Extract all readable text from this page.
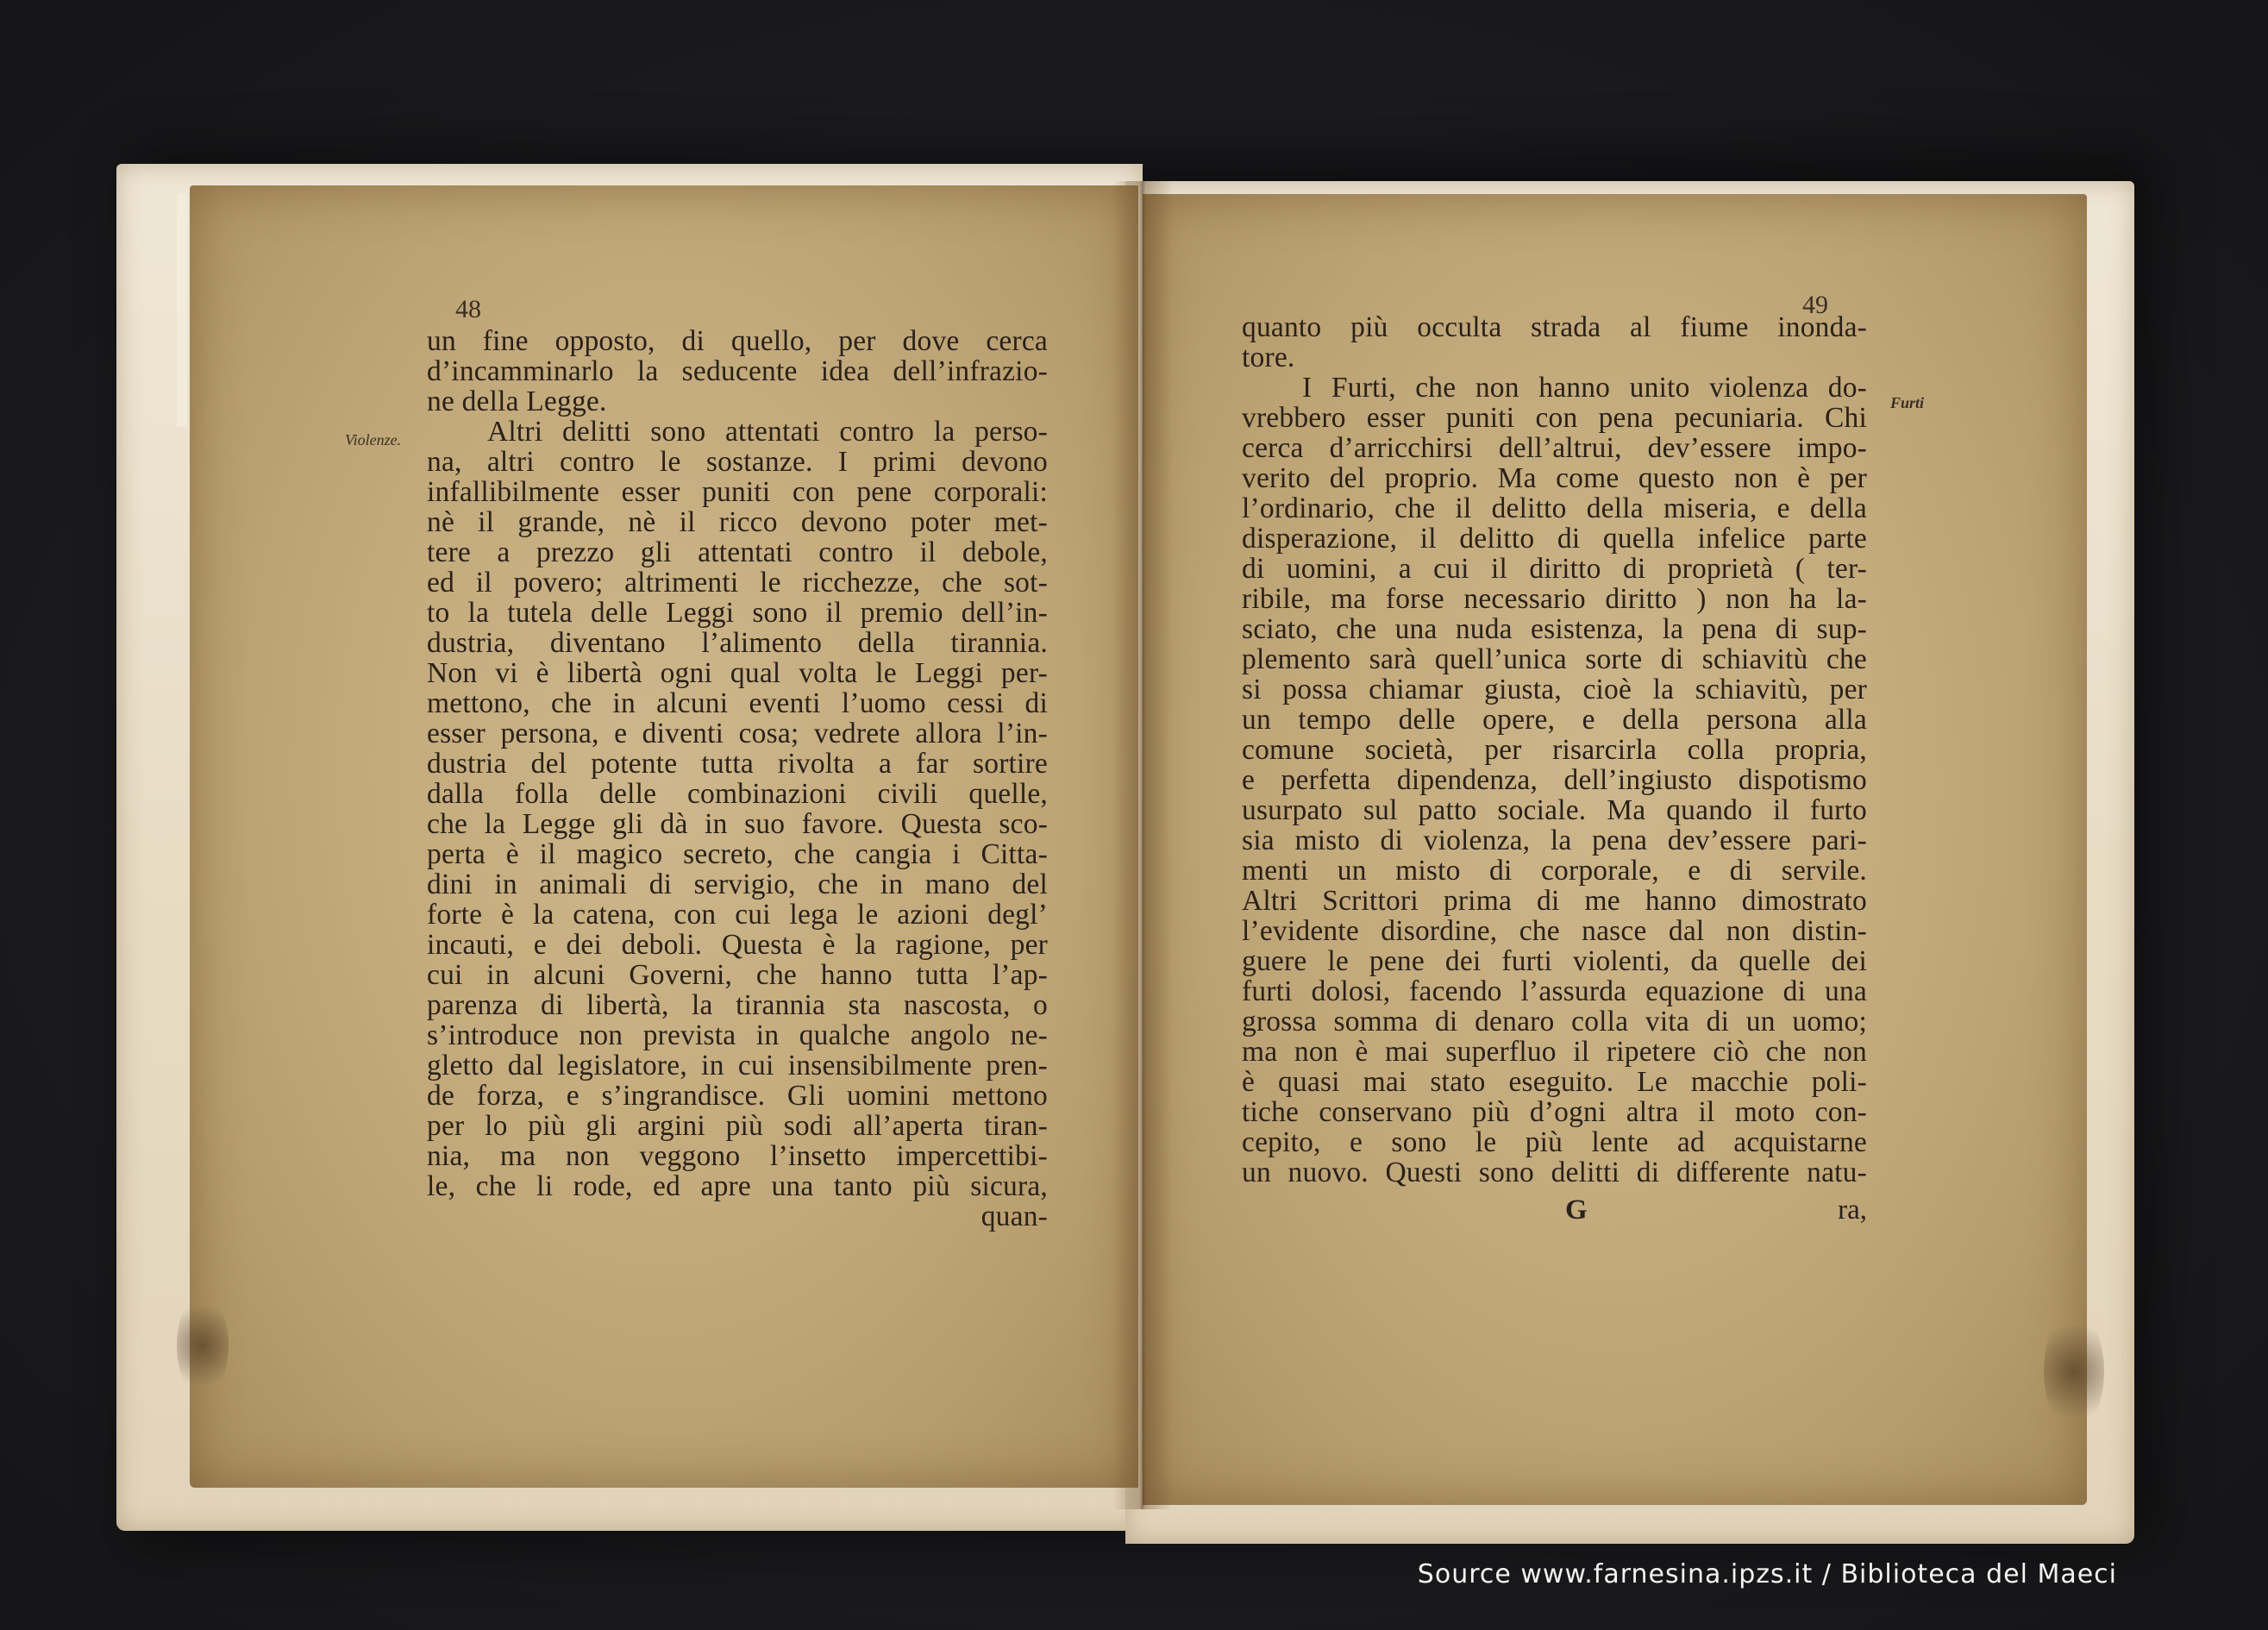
48
Violenze.
un fine opposto, di quello, per dove cerca
d’incamminarlo la seducente idea dell’infrazio-
ne della Legge.
Altri delitti sono attentati contro la perso-
na, altri contro le sostanze. I primi devono
infallibilmente esser puniti con pene corporali:
nè il grande, nè il ricco devono poter met-
tere a prezzo gli attentati contro il debole,
ed il povero; altrimenti le ricchezze, che sot-
to la tutela delle Leggi sono il premio dell’in-
dustria, diventano l’alimento della tirannia.
Non vi è libertà ogni qual volta le Leggi per-
mettono, che in alcuni eventi l’uomo cessi di
esser persona, e diventi cosa; vedrete allora l’in-
dustria del potente tutta rivolta a far sortire
dalla folla delle combinazioni civili quelle,
che la Legge gli dà in suo favore. Questa sco-
perta è il magico secreto, che cangia i Citta-
dini in animali di servigio, che in mano del
forte è la catena, con cui lega le azioni degl’
incauti, e dei deboli. Questa è la ragione, per
cui in alcuni Governi, che hanno tutta l’ap-
parenza di libertà, la tirannia sta nascosta, o
s’introduce non prevista in qualche angolo ne-
gletto dal legislatore, in cui insensibilmente pren-
de forza, e s’ingrandisce. Gli uomini mettono
per lo più gli argini più sodi all’aperta tiran-
nia, ma non veggono l’insetto impercettibi-
le, che li rode, ed apre una tanto più sicura,
quan-
49
Furti
quanto più occulta strada al fiume inonda-
tore.
I Furti, che non hanno unito violenza do-
vrebbero esser puniti con pena pecuniaria. Chi
cerca d’arricchirsi dell’altrui, dev’essere impo-
verito del proprio. Ma come questo non è per
l’ordinario, che il delitto della miseria, e della
disperazione, il delitto di quella infelice parte
di uomini, a cui il diritto di proprietà ( ter-
ribile, ma forse necessario diritto ) non ha la-
sciato, che una nuda esistenza, la pena di sup-
plemento sarà quell’unica sorte di schiavitù che
si possa chiamar giusta, cioè la schiavitù, per
un tempo delle opere, e della persona alla
comune società, per risarcirla colla propria,
e perfetta dipendenza, dell’ingiusto dispotismo
usurpato sul patto sociale. Ma quando il furto
sia misto di violenza, la pena dev’essere pari-
menti un misto di corporale, e di servile.
Altri Scrittori prima di me hanno dimostrato
l’evidente disordine, che nasce dal non distin-
guere le pene dei furti violenti, da quelle dei
furti dolosi, facendo l’assurda equazione di una
grossa somma di denaro colla vita di un uomo;
ma non è mai superfluo il ripetere ciò che non
è quasi mai stato eseguito. Le macchie poli-
tiche conservano più d’ogni altra il moto con-
cepito, e sono le più lente ad acquistarne
un nuovo. Questi sono delitti di differente natu-
G	ra,
Source www.farnesina.ipzs.it / Biblioteca del Maeci
